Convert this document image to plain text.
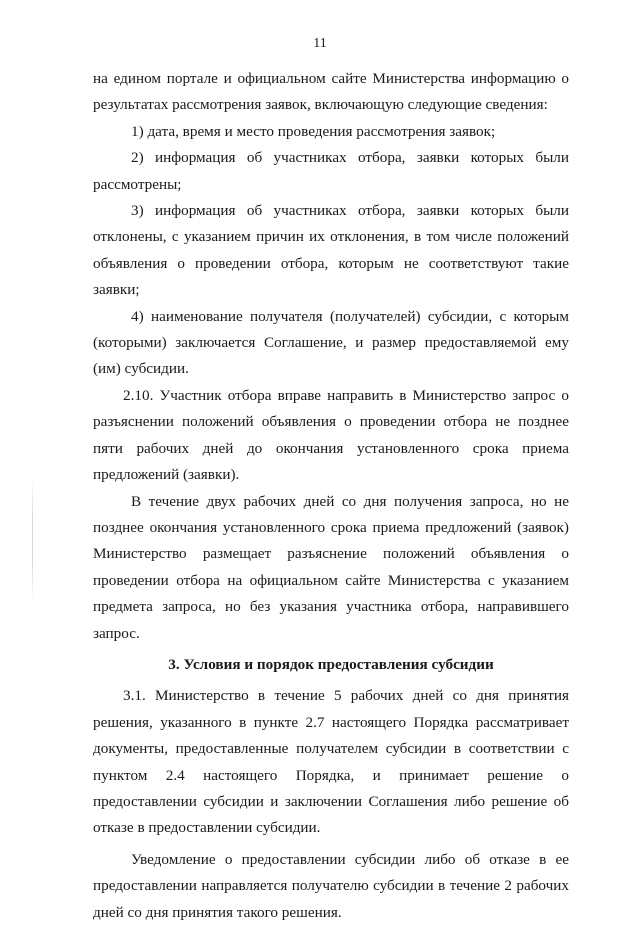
11

на едином портале и официальном сайте Министерства информацию о результатах рассмотрения заявок, включающую следующие сведения:

1) дата, время и место проведения рассмотрения заявок;

2) информация об участниках отбора, заявки которых были рассмотрены;

3) информация об участниках отбора, заявки которых были отклонены, с указанием причин их отклонения, в том числе положений объявления о проведении отбора, которым не соответствуют такие заявки;

4) наименование получателя (получателей) субсидии, с которым (которыми) заключается Соглашение, и размер предоставляемой ему (им) субсидии.

2.10. Участник отбора вправе направить в Министерство запрос о разъяснении положений объявления о проведении отбора не позднее пяти рабочих дней до окончания установленного срока приема предложений (заявки).

В течение двух рабочих дней со дня получения запроса, но не позднее окончания установленного срока приема предложений (заявок) Министерство размещает разъяснение положений объявления о проведении отбора на официальном сайте Министерства с указанием предмета запроса, но без указания участника отбора, направившего запрос.

3. Условия и порядок предоставления субсидии

3.1. Министерство в течение 5 рабочих дней со дня принятия решения, указанного в пункте 2.7 настоящего Порядка рассматривает документы, предоставленные получателем субсидии в соответствии с пунктом 2.4 настоящего Порядка, и принимает решение о предоставлении субсидии и заключении Соглашения либо решение об отказе в предоставлении субсидии.

Уведомление о предоставлении субсидии либо об отказе в ее предоставлении направляется получателю субсидии в течение 2 рабочих дней со дня принятия такого решения.
